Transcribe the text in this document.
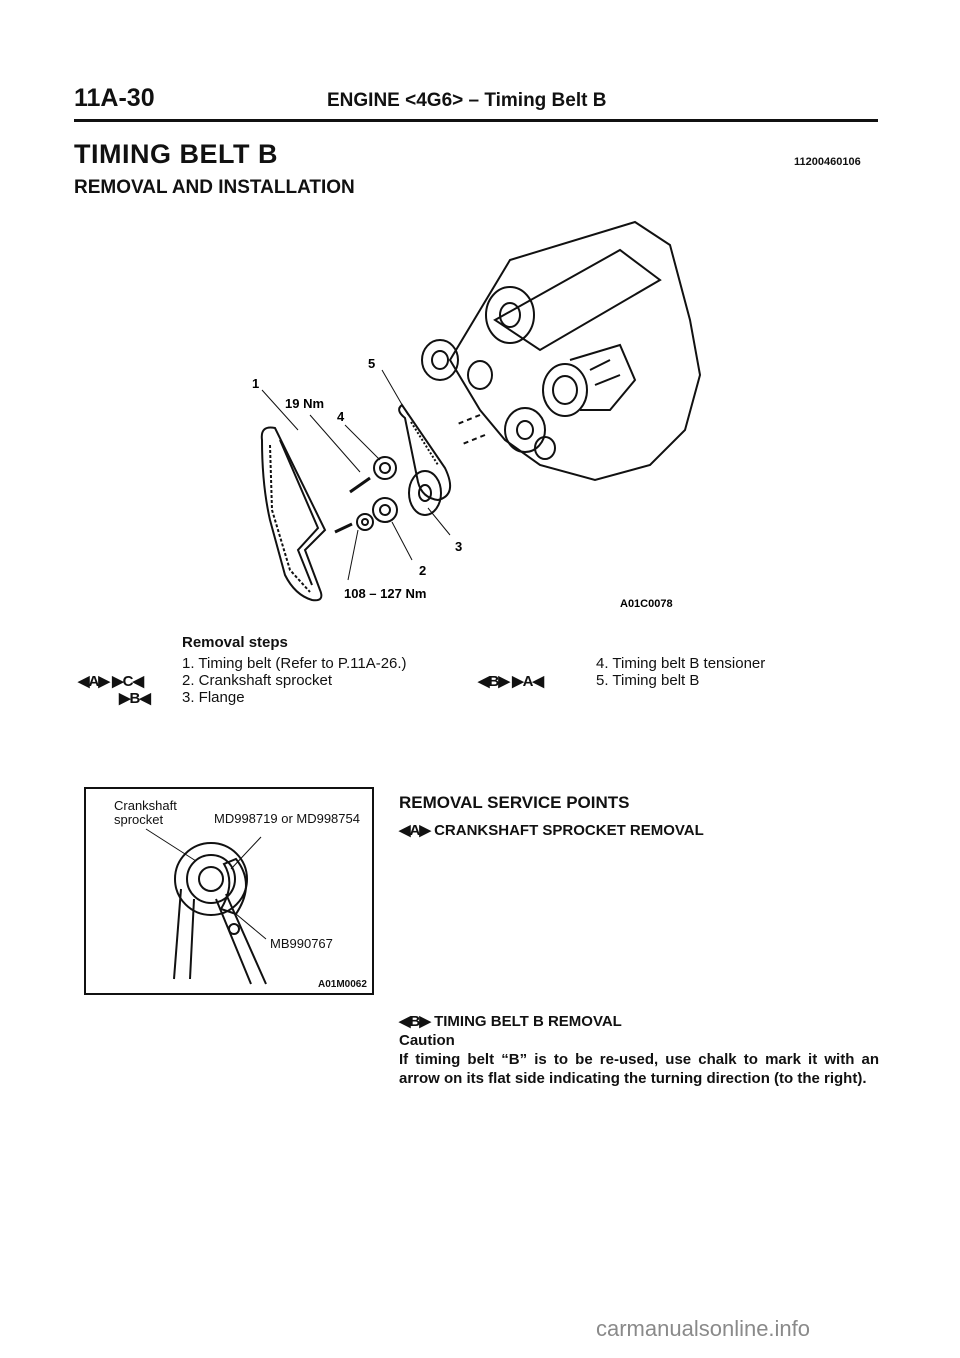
11A-30	ENGINE <4G6> – Timing Belt B
TIMING BELT B	11200460106
REMOVAL AND INSTALLATION
1
19 Nm
5
4
3
2
108 – 127 Nm
A01C0078
Removal steps
1. Timing belt (Refer to P.11A-26.)
◀A▶ ▶C◀	2. Crankshaft sprocket
▶B◀ 3. Flange
4. Timing belt B tensioner
◀B▶ ▶A◀	5. Timing belt B
Crankshaft
sprocket	MD998719 or MD998754
MB990767
A01M0062
REMOVAL SERVICE POINTS
◀A▶ CRANKSHAFT SPROCKET REMOVAL
◀B▶ TIMING BELT B REMOVAL
Caution
If timing belt “B” is to be re-used, use chalk to mark it with an arrow on its flat side indicating the turning direction (to the right).
carmanualsonline.info
